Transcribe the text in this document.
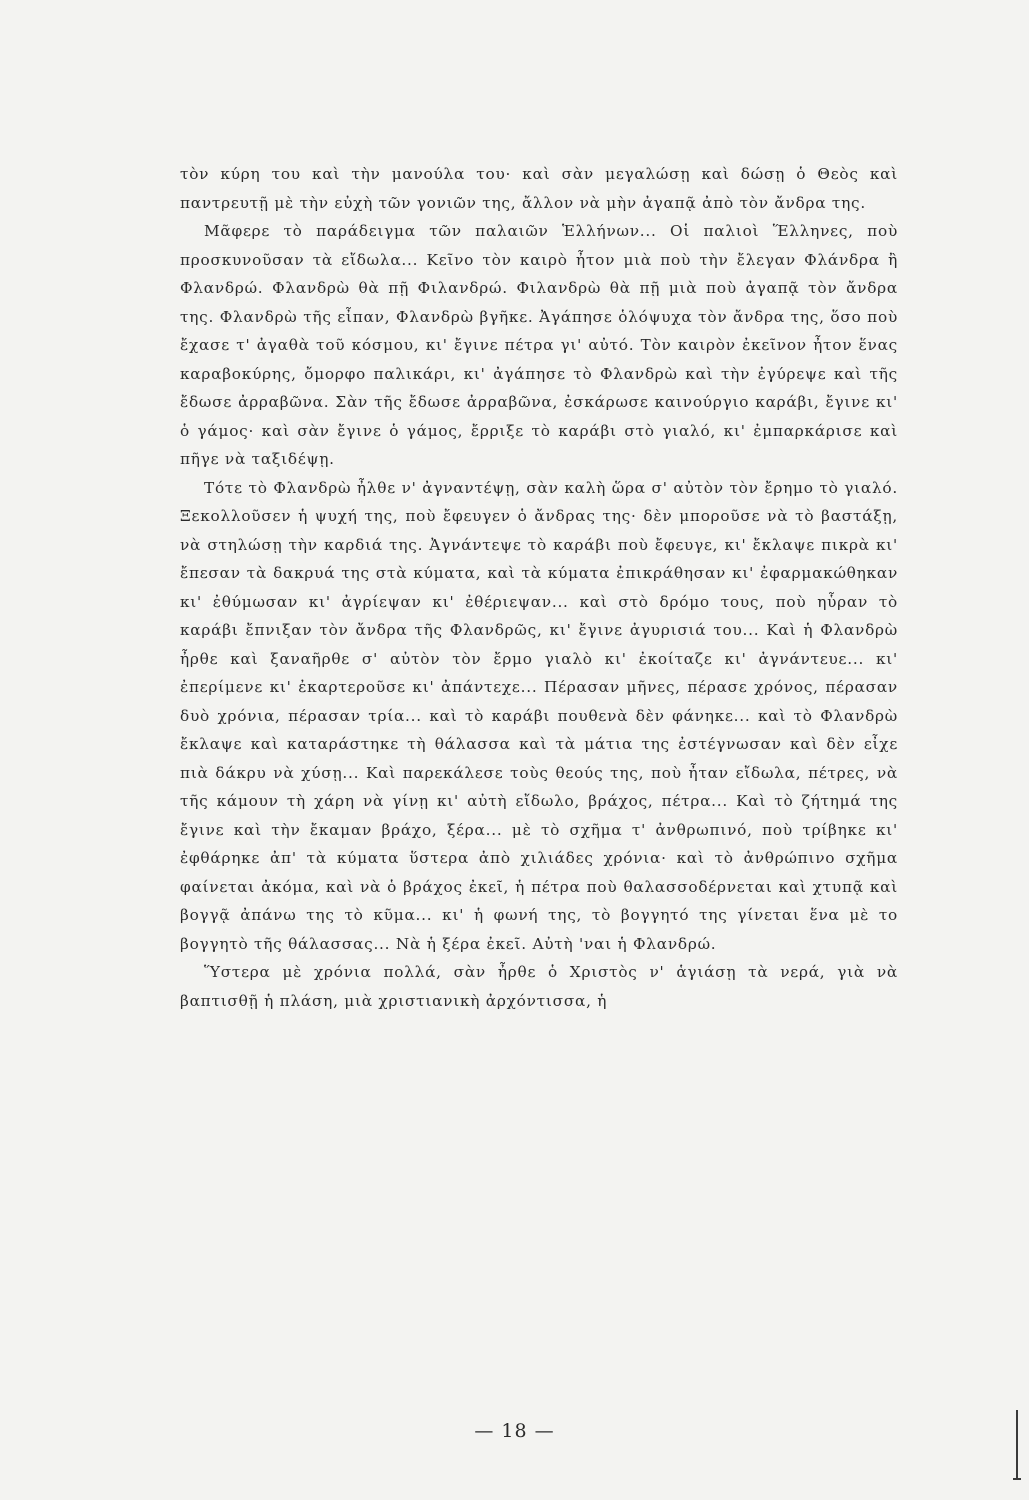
τὸν κύρη του καὶ τὴν μανούλα του· καὶ σὰν μεγαλώσῃ καὶ δώσῃ ὁ Θεὸς καὶ παντρευτῇ μὲ τὴν εὐχὴ τῶν γονιῶν της, ἄλλον νὰ μὴν ἀγαπᾷ ἀπὸ τὸν ἄνδρα της.

Μᾶφερε τὸ παράδειγμα τῶν παλαιῶν Ἑλλήνων... Οἱ παλιοὶ Ἕλληνες, ποὺ προσκυνοῦσαν τὰ εἴδωλα... Κεῖνο τὸν καιρὸ ἦτον μιὰ ποὺ τὴν ἔλεγαν Φλάνδρα ἢ Φλανδρώ. Φλανδρὼ θὰ πῇ Φιλανδρώ. Φιλανδρὼ θὰ πῇ μιὰ ποὺ ἀγαπᾷ τὸν ἄνδρα της. Φλανδρὼ τῆς εἶπαν, Φλανδρὼ βγῆκε. Ἀγάπησε ὁλόψυχα τὸν ἄνδρα της, ὅσο ποὺ ἔχασε τ' ἀγαθὰ τοῦ κόσμου, κι' ἔγινε πέτρα γι' αὐτό. Τὸν καιρὸν ἐκεῖνον ἦτον ἕνας καραβοκύρης, ὄμορφο παλικάρι, κι' ἀγάπησε τὸ Φλανδρὼ καὶ τὴν ἐγύρεψε καὶ τῆς ἔδωσε ἀρραβῶνα. Σὰν τῆς ἔδωσε ἀρραβῶνα, ἐσκάρωσε καινούργιο καράβι, ἔγινε κι' ὁ γάμος· καὶ σὰν ἔγινε ὁ γάμος, ἔρριξε τὸ καράβι στὸ γιαλό, κι' ἐμπαρκάρισε καὶ πῆγε νὰ ταξιδέψῃ.

Τότε τὸ Φλανδρὼ ἦλθε ν' ἀγναντέψῃ, σὰν καλὴ ὥρα σ' αὐτὸν τὸν ἔρημο τὸ γιαλό. Ξεκολλοῦσεν ἡ ψυχή της, ποὺ ἔφευγεν ὁ ἄνδρας της· δὲν μποροῦσε νὰ τὸ βαστάξῃ, νὰ στηλώσῃ τὴν καρδιά της. Ἀγνάντεψε τὸ καράβι ποὺ ἔφευγε, κι' ἔκλαψε πικρὰ κι' ἔπεσαν τὰ δακρυά της στὰ κύματα, καὶ τὰ κύματα ἐπικράθησαν κι' ἐφαρμακώθηκαν κι' ἐθύμωσαν κι' ἀγρίεψαν κι' ἐθέριεψαν... καὶ στὸ δρόμο τους, ποὺ ηὗραν τὸ καράβι ἔπνιξαν τὸν ἄνδρα τῆς Φλανδρῶς, κι' ἔγινε ἀγυρισιά του... Καὶ ἡ Φλανδρὼ ἦρθε καὶ ξαναῆρθε σ' αὐτὸν τὸν ἔρμο γιαλὸ κι' ἐκοίταζε κι' ἀγνάντευε... κι' ἐπερίμενε κι' ἐκαρτεροῦσε κι' ἀπάντεχε... Πέρασαν μῆνες, πέρασε χρόνος, πέρασαν δυὸ χρόνια, πέρασαν τρία... καὶ τὸ καράβι πουθενὰ δὲν φάνηκε... καὶ τὸ Φλανδρὼ ἔκλαψε καὶ καταράστηκε τὴ θάλασσα καὶ τὰ μάτια της ἐστέγνωσαν καὶ δὲν εἶχε πιὰ δάκρυ νὰ χύσῃ... Καὶ παρεκάλεσε τοὺς θεούς της, ποὺ ἦταν εἴδωλα, πέτρες, νὰ τῆς κάμουν τὴ χάρη νὰ γίνῃ κι' αὐτὴ εἴδωλο, βράχος, πέτρα... Καὶ τὸ ζήτημά της ἔγινε καὶ τὴν ἔκαμαν βράχο, ξέρα... μὲ τὸ σχῆμα τ' ἀνθρωπινό, ποὺ τρίβηκε κι' ἐφθάρηκε ἀπ' τὰ κύματα ὕστερα ἀπὸ χιλιάδες χρόνια· καὶ τὸ ἀνθρώπινο σχῆμα φαίνεται ἀκόμα, καὶ νὰ ὁ βράχος ἐκεῖ, ἡ πέτρα ποὺ θαλασσοδέρνεται καὶ χτυπᾷ καὶ βογγᾷ ἀπάνω της τὸ κῦμα... κι' ἡ φωνή της, τὸ βογγητό της γίνεται ἕνα μὲ το βογγητὸ τῆς θάλασσας... Νὰ ἡ ξέρα ἐκεῖ. Αὐτὴ 'ναι ἡ Φλανδρώ.

Ὕστερα μὲ χρόνια πολλά, σὰν ἦρθε ὁ Χριστὸς ν' ἁγιάσῃ τὰ νερά, γιὰ νὰ βαπτισθῇ ἡ πλάση, μιὰ χριστιανικὴ ἀρχόντισσα, ἡ

— 18 —
